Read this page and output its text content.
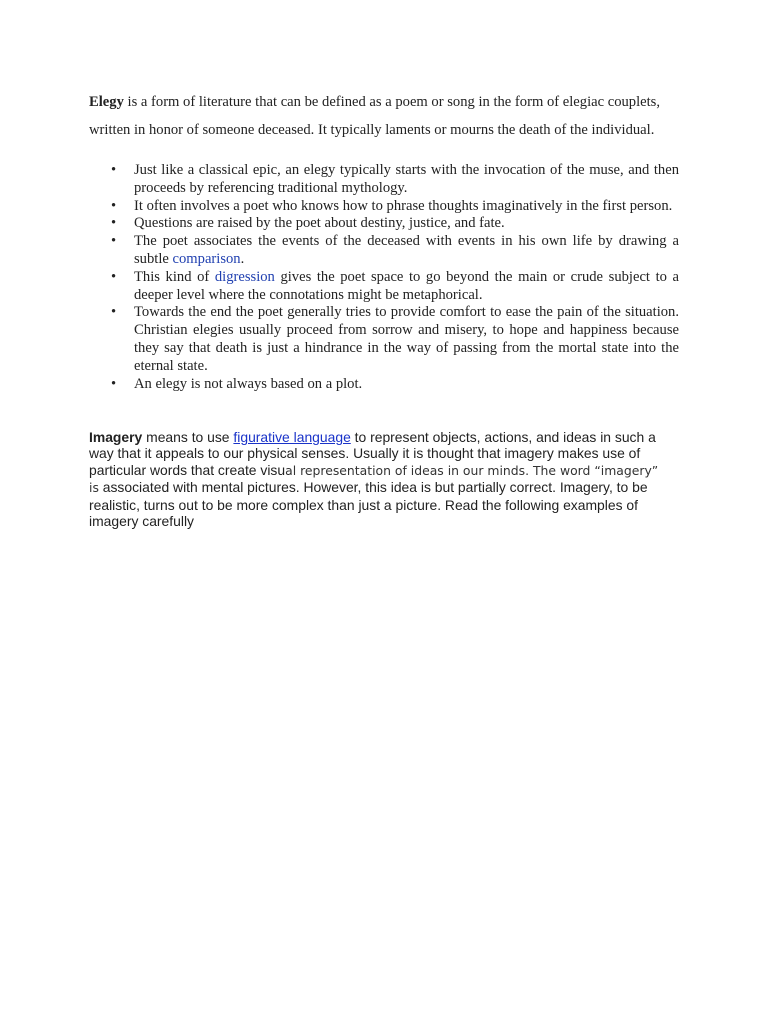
Elegy is a form of literature that can be defined as a poem or song in the form of elegiac couplets, written in honor of someone deceased. It typically laments or mourns the death of the individual.

• Just like a classical epic, an elegy typically starts with the invocation of the muse, and then proceeds by referencing traditional mythology.
• It often involves a poet who knows how to phrase thoughts imaginatively in the first person.
• Questions are raised by the poet about destiny, justice, and fate.
• The poet associates the events of the deceased with events in his own life by drawing a subtle comparison.
• This kind of digression gives the poet space to go beyond the main or crude subject to a deeper level where the connotations might be metaphorical.
• Towards the end the poet generally tries to provide comfort to ease the pain of the situation. Christian elegies usually proceed from sorrow and misery, to hope and happiness because they say that death is just a hindrance in the way of passing from the mortal state into the eternal state.
• An elegy is not always based on a plot.

Imagery means to use figurative language to represent objects, actions, and ideas in such a way that it appeals to our physical senses. Usually it is thought that imagery makes use of particular words that create visual representation of ideas in our minds. The word “imagery” is associated with mental pictures. However, this idea is but partially correct. Imagery, to be realistic, turns out to be more complex than just a picture. Read the following examples of imagery carefully
